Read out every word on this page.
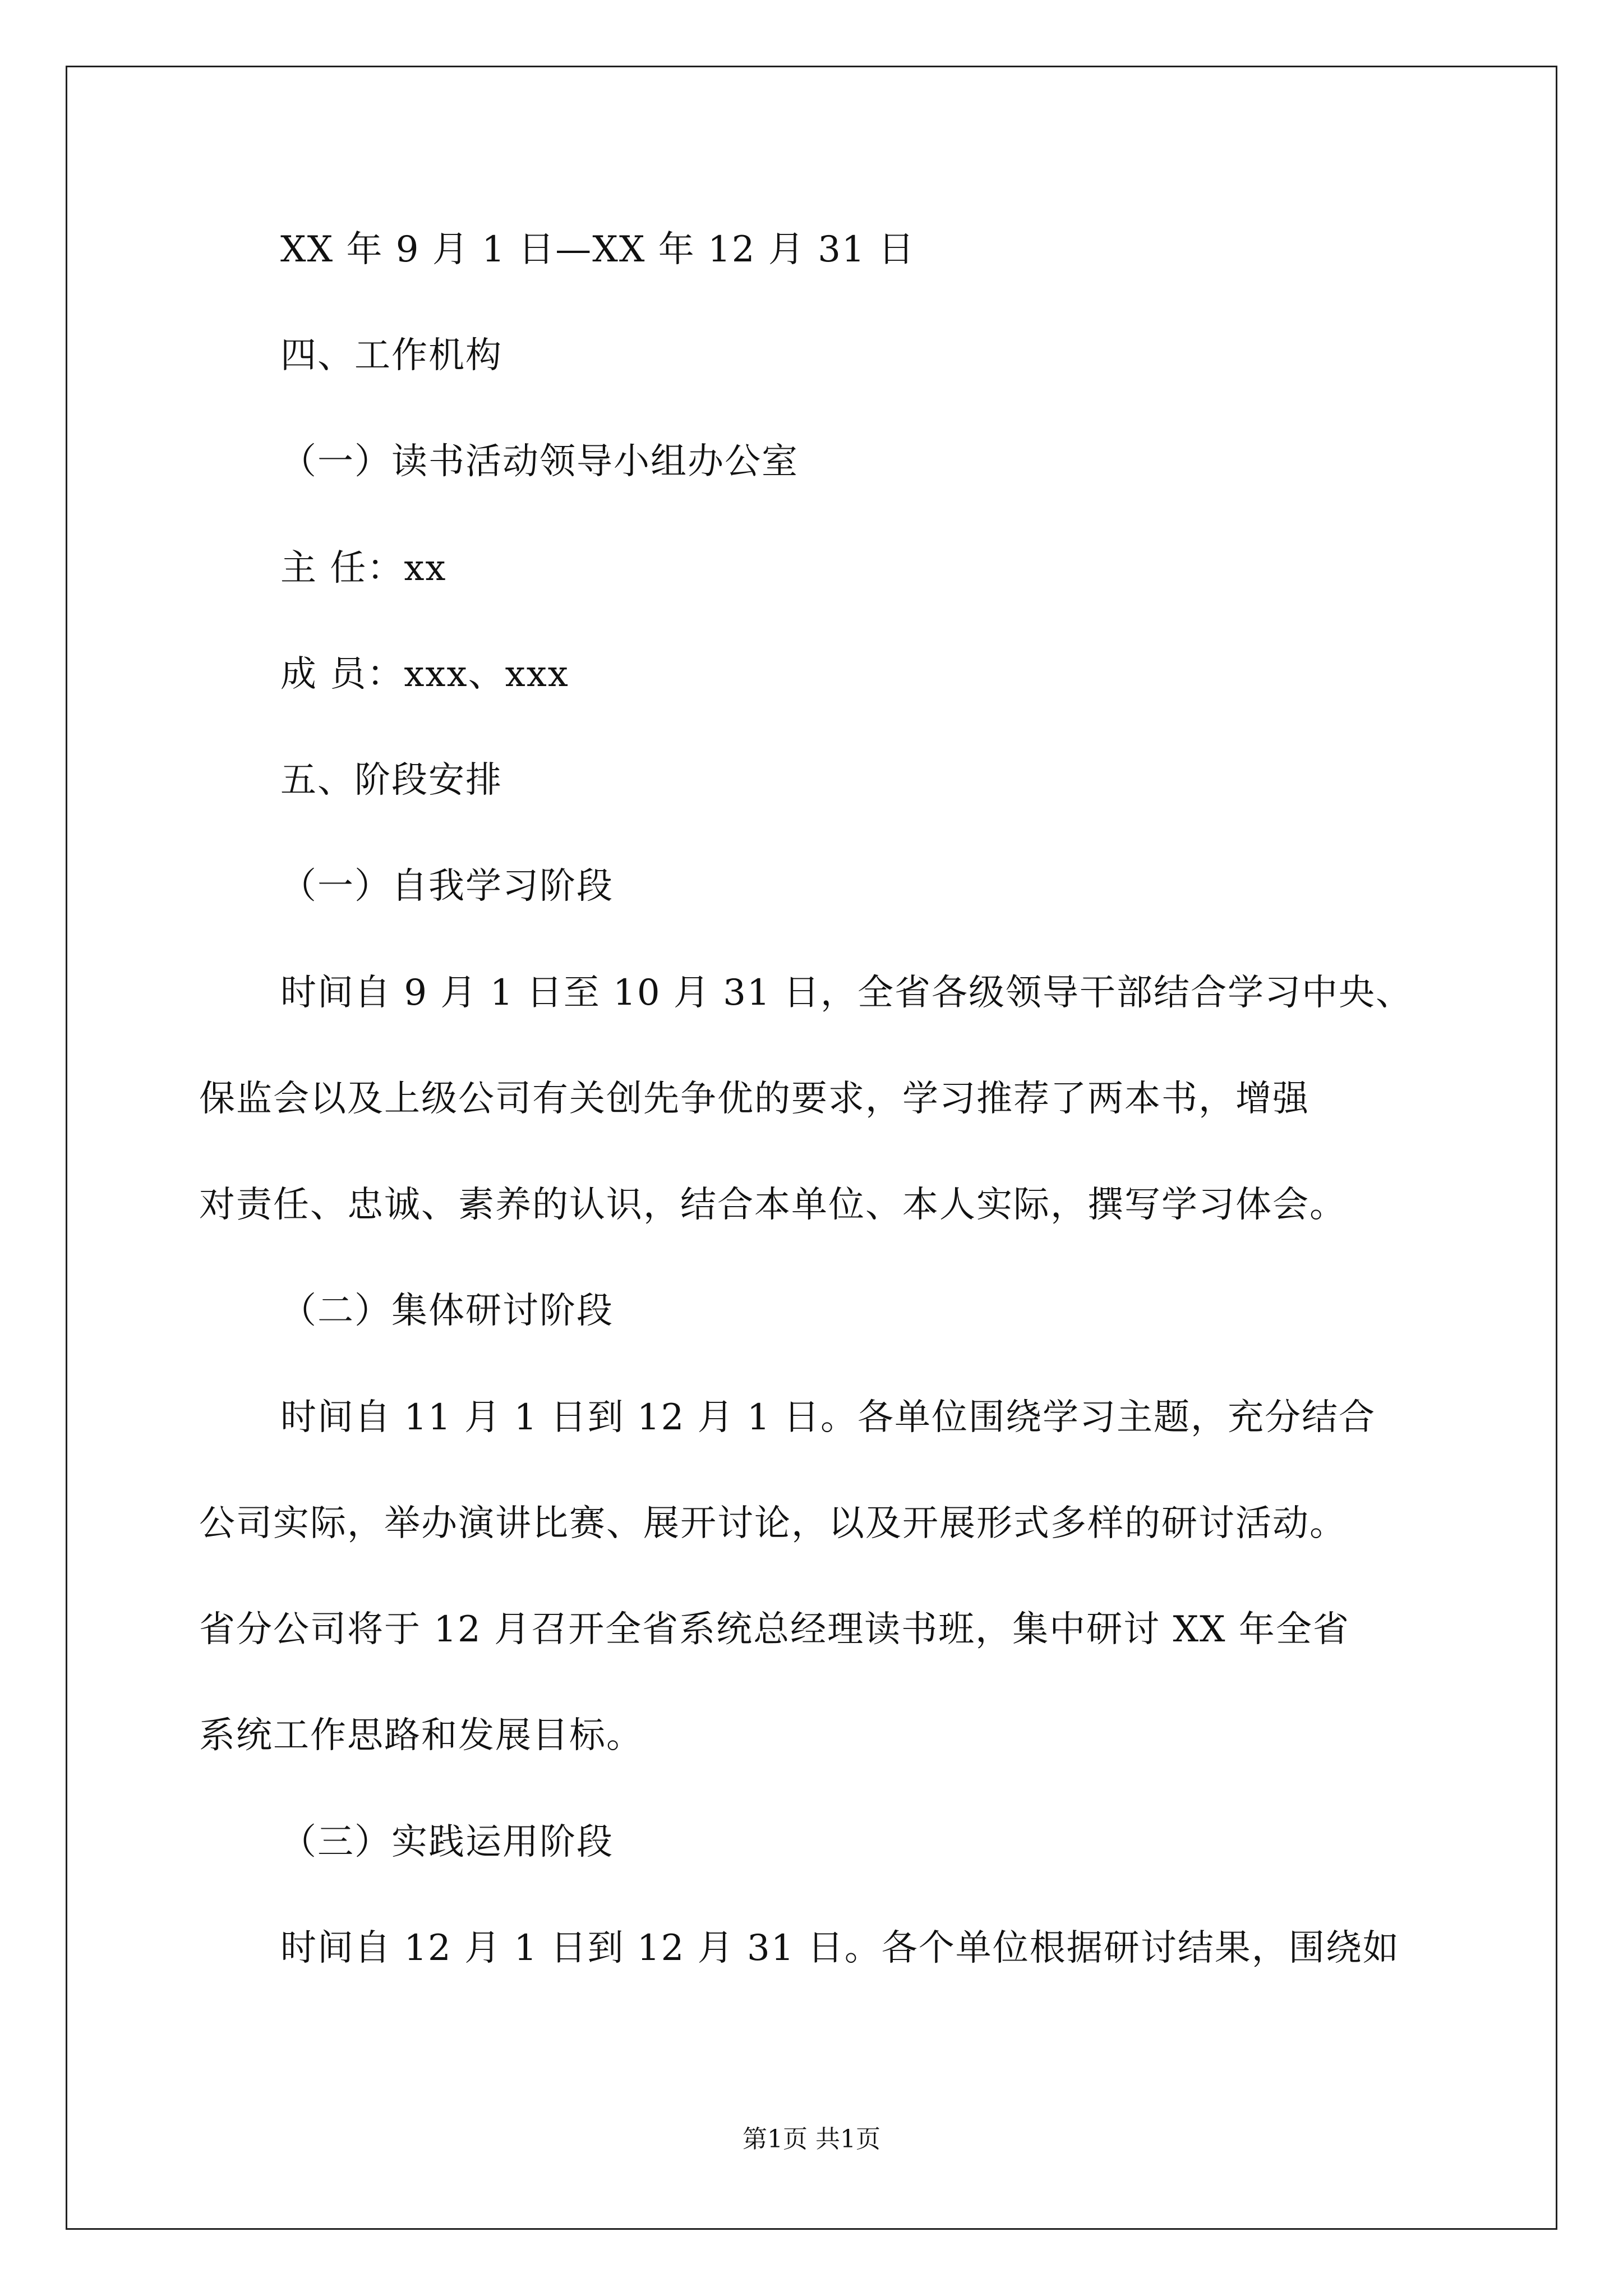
XX 年 9 月 1 日—XX 年 12 月 31 日
四、工作机构
（一）读书活动领导小组办公室
主 任：xx
成 员：xxx、xxx
五、阶段安排
（一）自我学习阶段
时间自 9 月 1 日至 10 月 31 日，全省各级领导干部结合学习中央、
保监会以及上级公司有关创先争优的要求，学习推荐了两本书，增强
对责任、忠诚、素养的认识，结合本单位、本人实际，撰写学习体会。
（二）集体研讨阶段
时间自 11 月 1 日到 12 月 1 日。各单位围绕学习主题，充分结合
公司实际，举办演讲比赛、展开讨论，以及开展形式多样的研讨活动。
省分公司将于 12 月召开全省系统总经理读书班，集中研讨 XX 年全省
系统工作思路和发展目标。
（三）实践运用阶段
时间自 12 月 1 日到 12 月 31 日。各个单位根据研讨结果，围绕如
第1页 共1页
